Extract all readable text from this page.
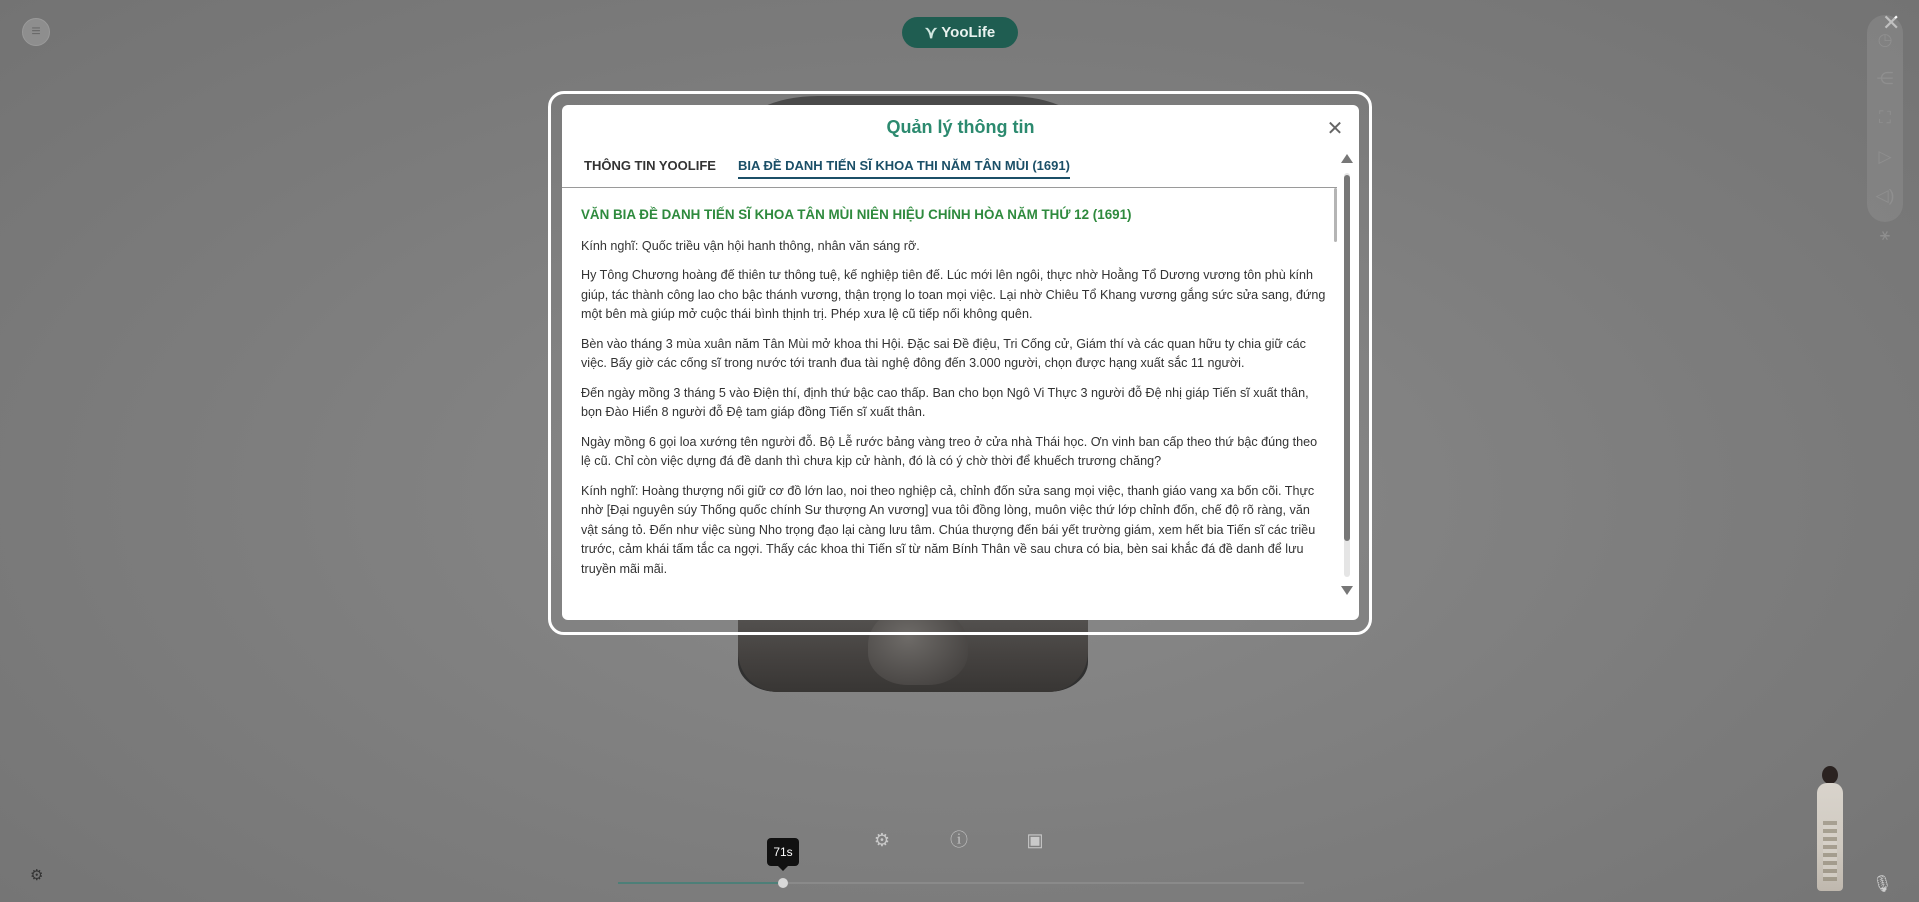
≡	⋎ YooLife	◷
⋲
⛶
▷
◁)
⚹
Quản lý thông tin	✕
THÔNG TIN YOOLIFE BIA ĐỀ DANH TIẾN SĨ KHOA THI NĂM TÂN MÙI (1691)
VĂN BIA ĐỀ DANH TIẾN SĨ KHOA TÂN MÙI NIÊN HIỆU CHÍNH HÒA NĂM THỨ 12 (1691)

Kính nghĩ: Quốc triều vận hội hanh thông, nhân văn sáng rỡ.

Hy Tông Chương hoàng đế thiên tư thông tuệ, kế nghiệp tiên đế. Lúc mới lên ngôi, thực nhờ Hoằng Tổ Dương vương tôn phù kính giúp, tác thành công lao cho bậc thánh vương, thận trọng lo toan mọi việc. Lại nhờ Chiêu Tổ Khang vương gắng sức sửa sang, đứng một bên mà giúp mở cuộc thái bình thịnh trị. Phép xưa lệ cũ tiếp nối không quên.

Bèn vào tháng 3 mùa xuân năm Tân Mùi mở khoa thi Hội. Đặc sai Đề điệu, Tri Cống cử, Giám thí và các quan hữu ty chia giữ các việc. Bấy giờ các cống sĩ trong nước tới tranh đua tài nghệ đông đến 3.000 người, chọn được hạng xuất sắc 11 người.

Đến ngày mồng 3 tháng 5 vào Điện thí, định thứ bậc cao thấp. Ban cho bọn Ngô Vi Thực 3 người đỗ Đệ nhị giáp Tiến sĩ xuất thân, bọn Đào Hiển 8 người đỗ Đệ tam giáp đồng Tiến sĩ xuất thân.

Ngày mồng 6 gọi loa xướng tên người đỗ. Bộ Lễ rước bảng vàng treo ở cửa nhà Thái học. Ơn vinh ban cấp theo thứ bậc đúng theo lệ cũ. Chỉ còn việc dựng đá đề danh thì chưa kịp cử hành, đó là có ý chờ thời để khuếch trương chăng?

Kính nghĩ: Hoàng thượng nối giữ cơ đồ lớn lao, noi theo nghiệp cả, chỉnh đốn sửa sang mọi việc, thanh giáo vang xa bốn cõi. Thực nhờ [Đại nguyên súy Thống quốc chính Sư thượng An vương] vua tôi đồng lòng, muôn việc thứ lớp chỉnh đốn, chế độ rõ ràng, văn vật sáng tỏ. Đến như việc sùng Nho trọng đạo lại càng lưu tâm. Chúa thượng đến bái yết trường giám, xem hết bia Tiến sĩ các triều trước, cảm khái tấm tắc ca ngợi. Thấy các khoa thi Tiến sĩ từ năm Bính Thân về sau chưa có bia, bèn sai khắc đá đề danh để lưu truyền mãi mãi.

⚙	ⓘ	▣
71s
⚙
🎙
